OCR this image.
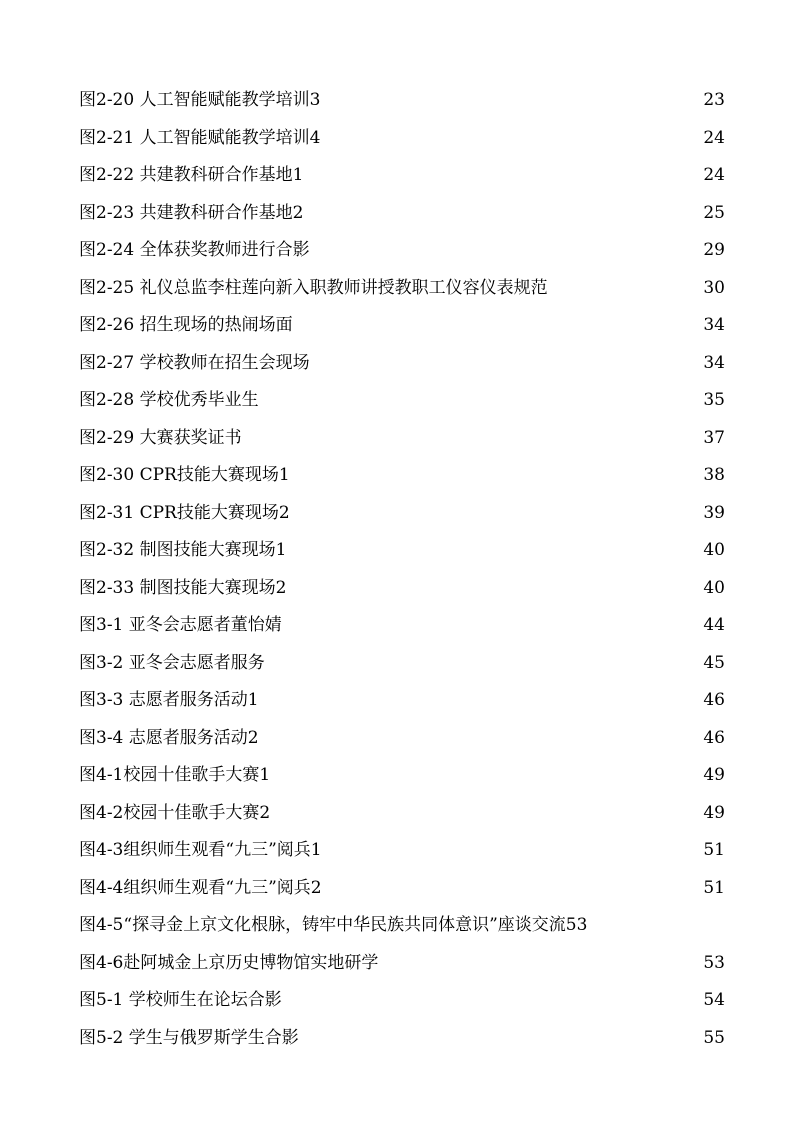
图2-20 人工智能赋能教学培训3 .....	23
图2-21 人工智能赋能教学培训4 .....	24
图2-22 共建教科研合作基地1 .....	24
图2-23 共建教科研合作基地2 .....	25
图2-24 全体获奖教师进行合影 .....	29
图2-25 礼仪总监李柱莲向新入职教师讲授教职工仪容仪表规范 .....	30
图2-26 招生现场的热闹场面 .....	34
图2-27 学校教师在招生会现场 .....	34
图2-28 学校优秀毕业生 .....	35
图2-29 大赛获奖证书 .....	37
图2-30 CPR技能大赛现场1 .....	38
图2-31 CPR技能大赛现场2 .....	39
图2-32 制图技能大赛现场1 .....	40
图2-33 制图技能大赛现场2 .....	40
图3-1 亚冬会志愿者董怡婧 .....	44
图3-2 亚冬会志愿者服务 .....	45
图3-3 志愿者服务活动1 .....	46
图3-4 志愿者服务活动2 .....	46
图4-1校园十佳歌手大赛1 .....	49
图4-2校园十佳歌手大赛2 .....	49
图4-3组织师生观看“九三”阅兵1 .....	51
图4-4组织师生观看“九三”阅兵2 .....	51
图4-5“探寻金上京文化根脉，铸牢中华民族共同体意识”座谈交流 53
图4-6赴阿城金上京历史博物馆实地研学 .....	53
图5-1 学校师生在论坛合影 .....	54
图5-2 学生与俄罗斯学生合影 .....	55
